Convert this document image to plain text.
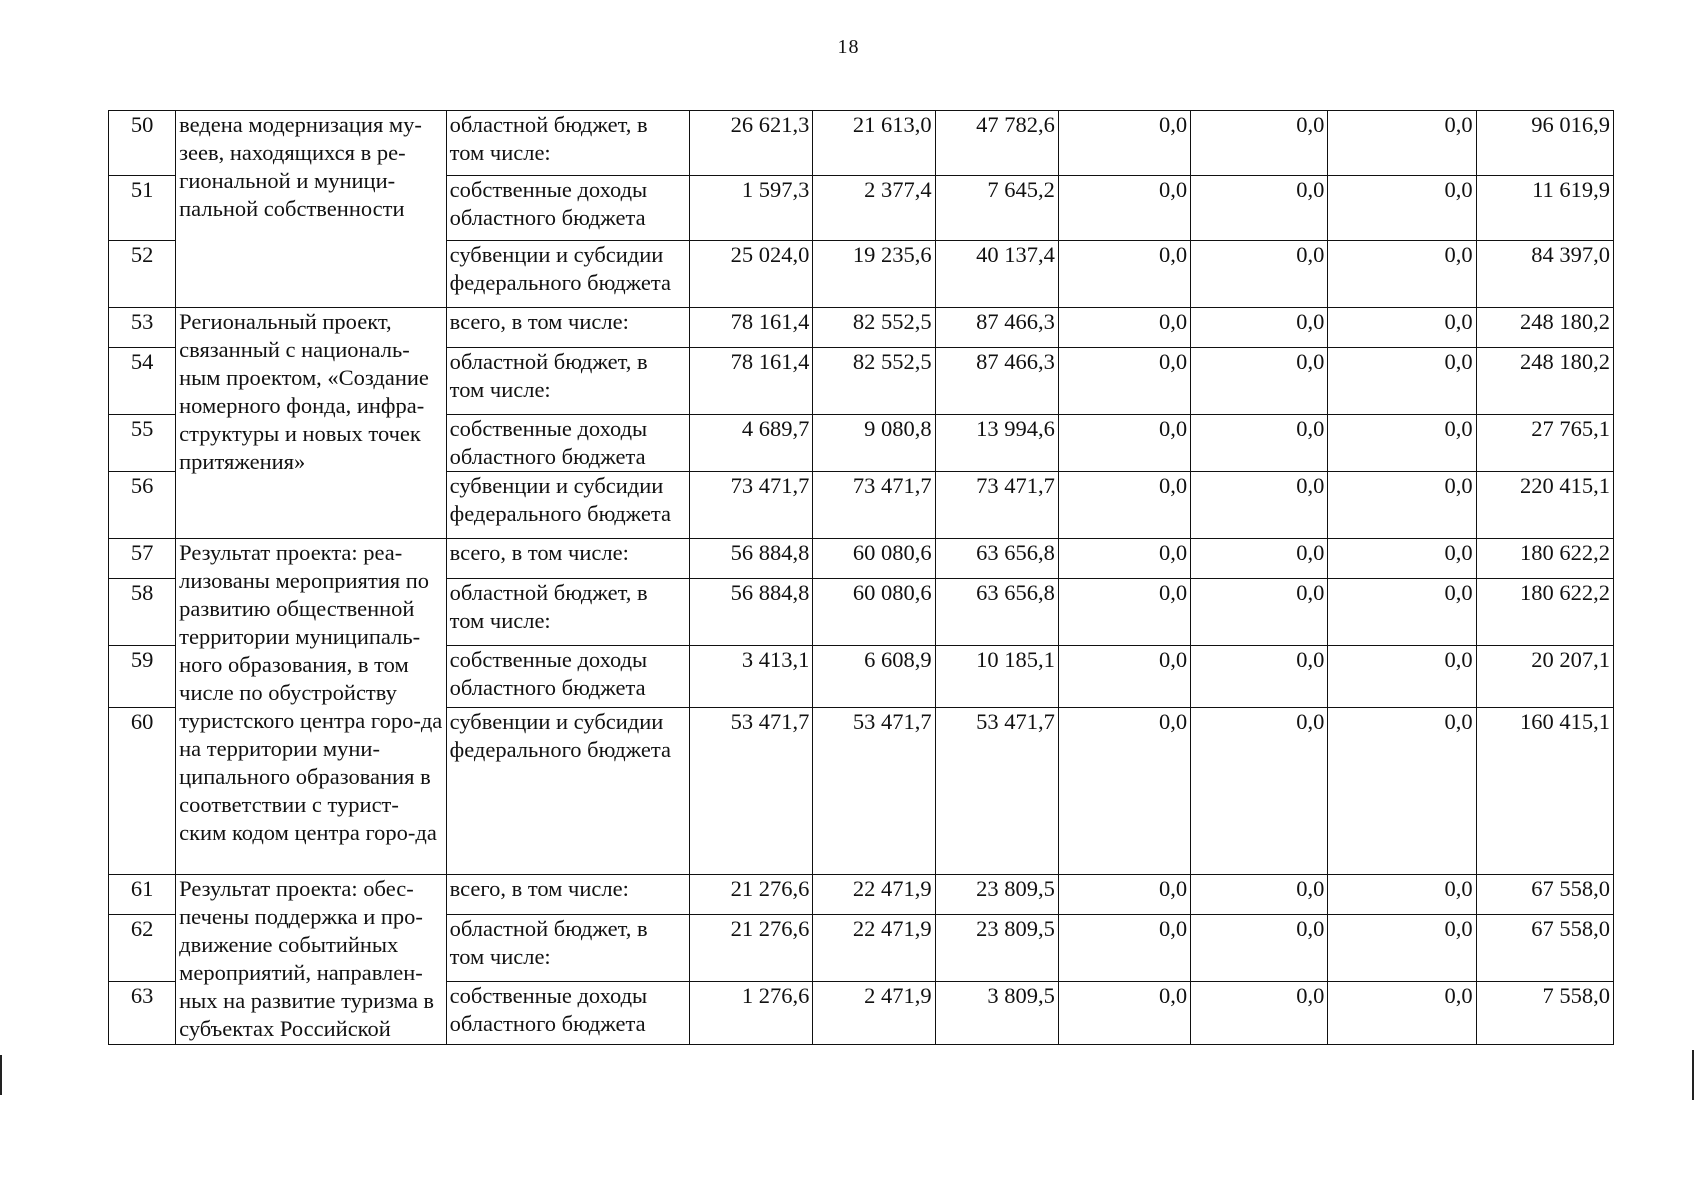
18
50	ведена модернизация му-зеев, находящихся в ре-гиональной и муници-пальной собственности	областной бюджет, в том числе:	26 621,3	21 613,0	47 782,6	0,0	0,0	0,0	96 016,9
51		собственные доходы областного бюджета	1 597,3	2 377,4	7 645,2	0,0	0,0	0,0	11 619,9
52		субвенции и субсидии федерального бюджета	25 024,0	19 235,6	40 137,4	0,0	0,0	0,0	84 397,0
53	Региональный проект, связанный с националь-ным проектом, «Создание номерного фонда, инфра-структуры и новых точек притяжения»	всего, в том числе:	78 161,4	82 552,5	87 466,3	0,0	0,0	0,0	248 180,2
54		областной бюджет, в том числе:	78 161,4	82 552,5	87 466,3	0,0	0,0	0,0	248 180,2
55		собственные доходы областного бюджета	4 689,7	9 080,8	13 994,6	0,0	0,0	0,0	27 765,1
56		субвенции и субсидии федерального бюджета	73 471,7	73 471,7	73 471,7	0,0	0,0	0,0	220 415,1
57	Результат проекта: реа-лизованы мероприятия по развитию общественной территории муниципаль-ного образования, в том числе по обустройству туристского центра горо-да на территории муни-ципального образования в соответствии с турист-ским кодом центра горо-да	всего, в том числе:	56 884,8	60 080,6	63 656,8	0,0	0,0	0,0	180 622,2
58		областной бюджет, в том числе:	56 884,8	60 080,6	63 656,8	0,0	0,0	0,0	180 622,2
59		собственные доходы областного бюджета	3 413,1	6 608,9	10 185,1	0,0	0,0	0,0	20 207,1
60		субвенции и субсидии федерального бюджета	53 471,7	53 471,7	53 471,7	0,0	0,0	0,0	160 415,1
61	Результат проекта: обес-печены поддержка и про-движение событийных мероприятий, направлен-ных на развитие туризма в субъектах Российской	всего, в том числе:	21 276,6	22 471,9	23 809,5	0,0	0,0	0,0	67 558,0
62		областной бюджет, в том числе:	21 276,6	22 471,9	23 809,5	0,0	0,0	0,0	67 558,0
63		собственные доходы областного бюджета	1 276,6	2 471,9	3 809,5	0,0	0,0	0,0	7 558,0
